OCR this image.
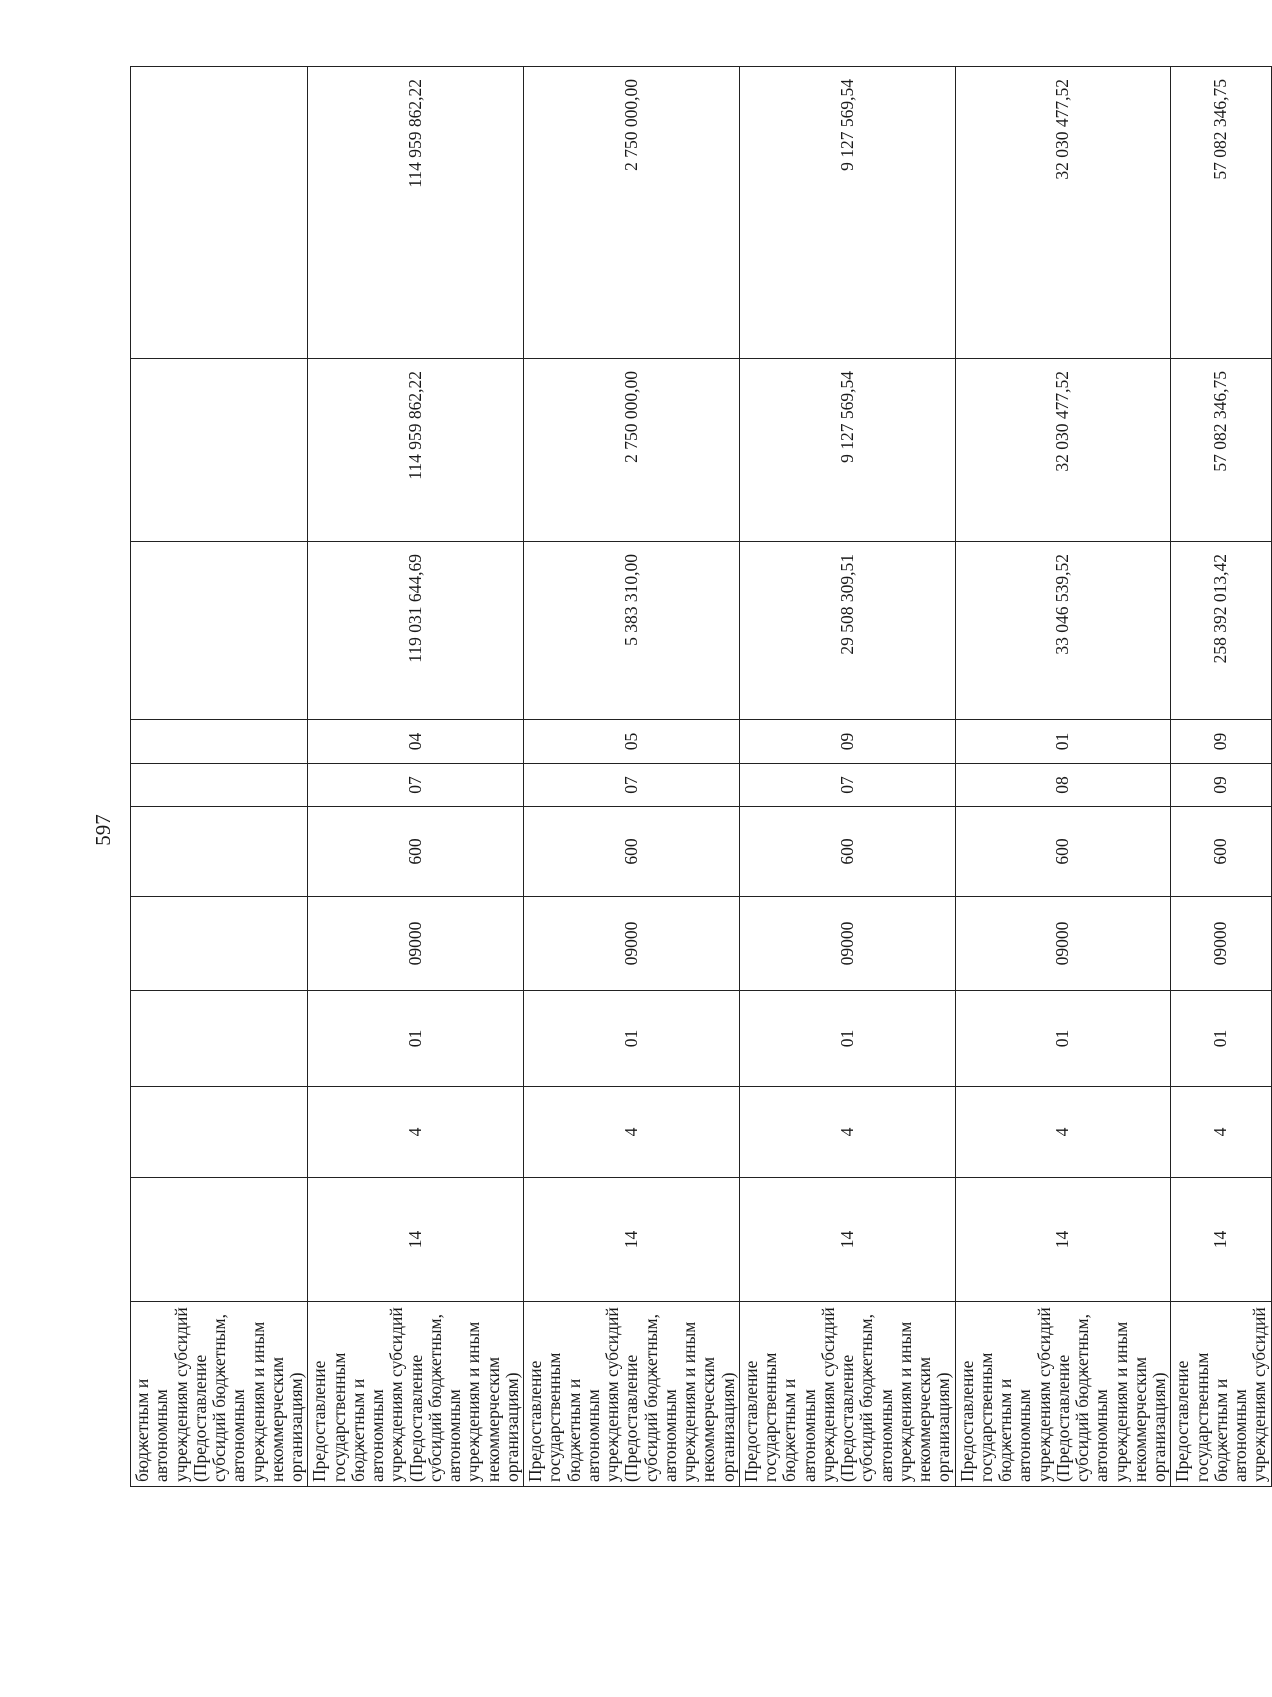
597
бюджетным и автономным учреждениям субсидий (Предоставление субсидий бюджетным, автономным учреждениям и иным некоммерческим организациям)										
Предоставление государственным бюджетным и автономным учреждениям субсидий (Предоставление субсидий бюджетным, автономным учреждениям и иным некоммерческим организациям)	14	4	01	09000	600	07	04	119 031 644,69	114 959 862,22	114 959 862,22
Предоставление государственным бюджетным и автономным учреждениям субсидий (Предоставление субсидий бюджетным, автономным учреждениям и иным некоммерческим организациям)	14	4	01	09000	600	07	05	5 383 310,00	2 750 000,00	2 750 000,00
Предоставление государственным бюджетным и автономным учреждениям субсидий (Предоставление субсидий бюджетным, автономным учреждениям и иным некоммерческим организациям)	14	4	01	09000	600	07	09	29 508 309,51	9 127 569,54	9 127 569,54
Предоставление государственным бюджетным и автономным учреждениям субсидий (Предоставление субсидий бюджетным, автономным учреждениям и иным некоммерческим организациям)	14	4	01	09000	600	08	01	33 046 539,52	32 030 477,52	32 030 477,52
Предоставление государственным бюджетным и автономным учреждениям субсидий	14	4	01	09000	600	09	09	258 392 013,42	57 082 346,75	57 082 346,75
